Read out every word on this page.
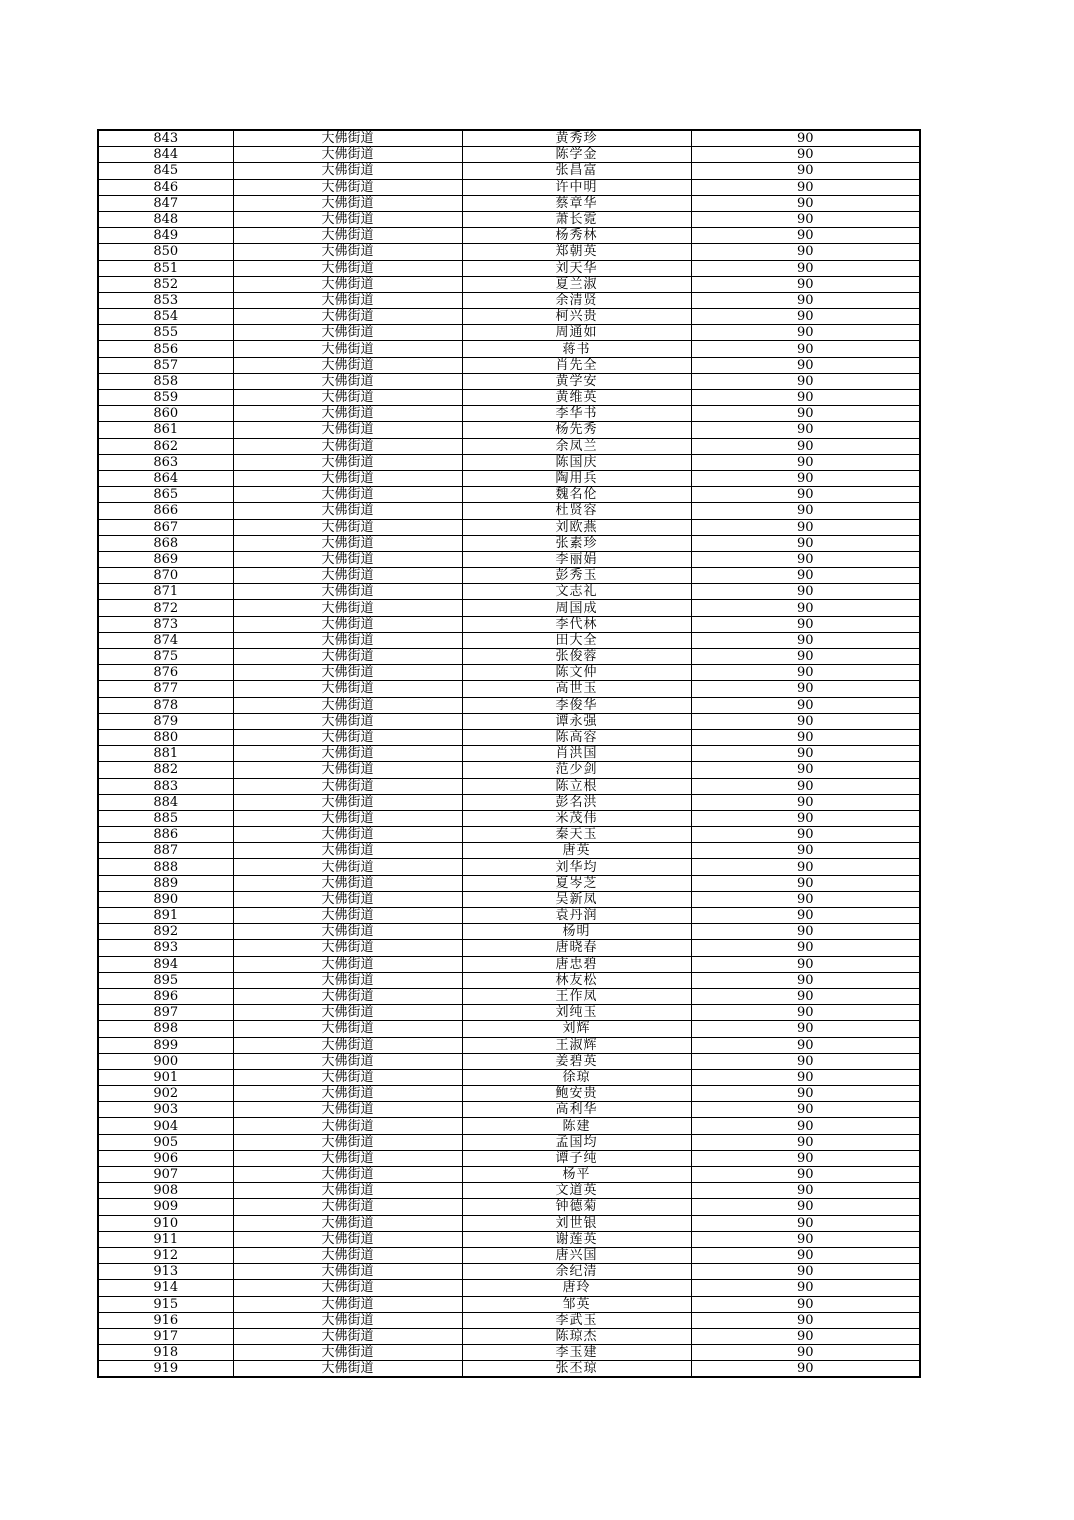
843	大佛街道	黄秀珍	90
844	大佛街道	陈学金	90
845	大佛街道	张昌富	90
846	大佛街道	许中明	90
847	大佛街道	蔡章华	90
848	大佛街道	萧长霓	90
849	大佛街道	杨秀林	90
850	大佛街道	郑朝英	90
851	大佛街道	刘天华	90
852	大佛街道	夏兰淑	90
853	大佛街道	余清贤	90
854	大佛街道	柯兴贵	90
855	大佛街道	周通如	90
856	大佛街道	蒋书	90
857	大佛街道	肖先全	90
858	大佛街道	黄学安	90
859	大佛街道	黄维英	90
860	大佛街道	李华书	90
861	大佛街道	杨先秀	90
862	大佛街道	余凤兰	90
863	大佛街道	陈国庆	90
864	大佛街道	陶用兵	90
865	大佛街道	魏名伦	90
866	大佛街道	杜贤容	90
867	大佛街道	刘欧燕	90
868	大佛街道	张素珍	90
869	大佛街道	李丽娟	90
870	大佛街道	彭秀玉	90
871	大佛街道	文志礼	90
872	大佛街道	周国成	90
873	大佛街道	李代林	90
874	大佛街道	田大全	90
875	大佛街道	张俊蓉	90
876	大佛街道	陈文仲	90
877	大佛街道	高世玉	90
878	大佛街道	李俊华	90
879	大佛街道	谭永强	90
880	大佛街道	陈高容	90
881	大佛街道	肖洪国	90
882	大佛街道	范少剑	90
883	大佛街道	陈立根	90
884	大佛街道	彭名洪	90
885	大佛街道	米茂伟	90
886	大佛街道	秦天玉	90
887	大佛街道	唐英	90
888	大佛街道	刘华均	90
889	大佛街道	夏岑芝	90
890	大佛街道	吴新凤	90
891	大佛街道	袁丹润	90
892	大佛街道	杨明	90
893	大佛街道	唐晓春	90
894	大佛街道	唐忠碧	90
895	大佛街道	林友松	90
896	大佛街道	王作凤	90
897	大佛街道	刘纯玉	90
898	大佛街道	刘辉	90
899	大佛街道	王淑辉	90
900	大佛街道	姜碧英	90
901	大佛街道	徐琼	90
902	大佛街道	鲍安贵	90
903	大佛街道	高利华	90
904	大佛街道	陈建	90
905	大佛街道	孟国均	90
906	大佛街道	谭子纯	90
907	大佛街道	杨平	90
908	大佛街道	文道英	90
909	大佛街道	钟德菊	90
910	大佛街道	刘世银	90
911	大佛街道	谢莲英	90
912	大佛街道	唐兴国	90
913	大佛街道	余纪清	90
914	大佛街道	唐玲	90
915	大佛街道	邹英	90
916	大佛街道	李武玉	90
917	大佛街道	陈琼杰	90
918	大佛街道	李玉建	90
919	大佛街道	张丕琼	90
